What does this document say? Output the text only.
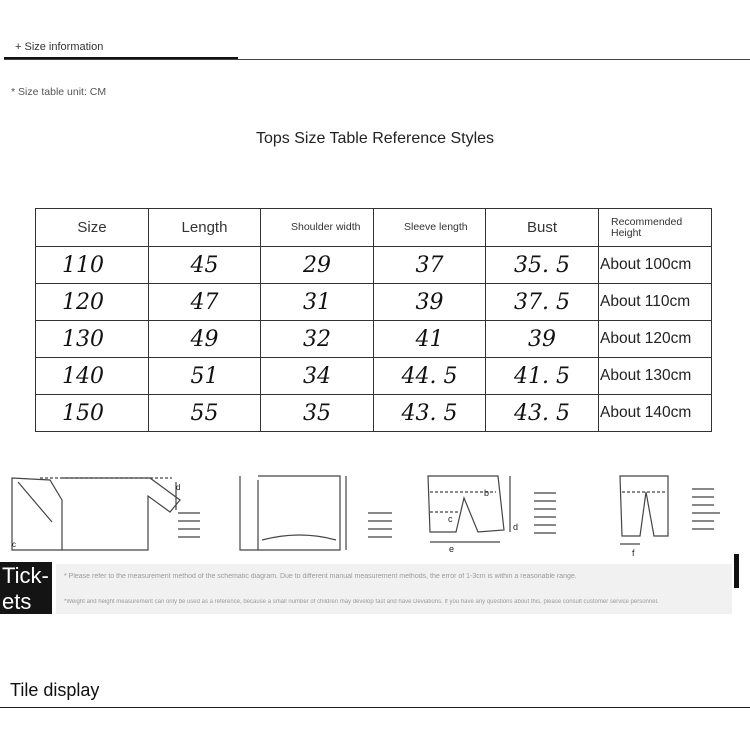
+ Size information
* Size table unit: CM
Tops Size Table Reference Styles
Size	Length	Shoulder width	Sleeve length	Bust	Recommended Height
110	45	29	37	35. 5	About 100cm
120	47	31	39	37. 5	About 110cm
130	49	32	41	39	About 120cm
140	51	34	44. 5	41. 5	About 130cm
150	55	35	43. 5	43. 5	About 140cm
c
d
b
c
d
e	f
* Please refer to the measurement method of the schematic diagram. Due to different manual measurement methods, the error of 1-3cm is within a reasonable range.
*Weight and height measurement can only be used as a reference, because a small number of children may develop fast and have Deviations. If you have any questions about this, please consult customer service personnel.
Tick-ets
Tile display
